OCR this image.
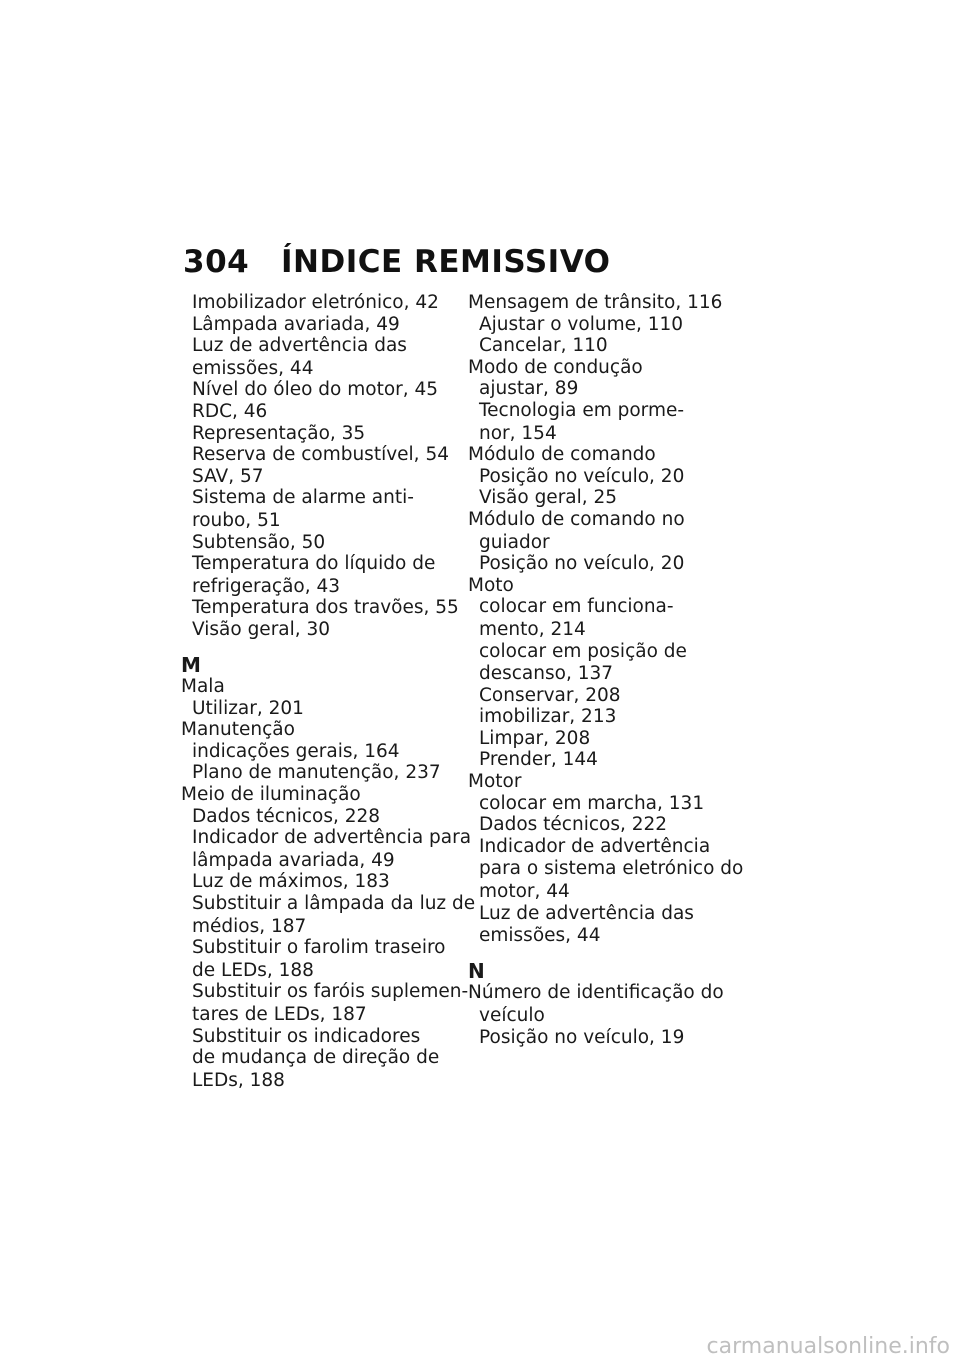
304 ÍNDICE REMISSIVO
Imobilizador eletrónico, 42
Lâmpada avariada, 49
Luz de advertência das
emissões, 44
Nível do óleo do motor, 45
RDC, 46
Representação, 35
Reserva de combustível, 54
SAV, 57
Sistema de alarme anti-
roubo, 51
Subtensão, 50
Temperatura do líquido de
refrigeração, 43
Temperatura dos travões, 55
Visão geral, 30
M
Mala
Utilizar, 201
Manutenção
indicações gerais, 164
Plano de manutenção, 237
Meio de iluminação
Dados técnicos, 228
Indicador de advertência para
lâmpada avariada, 49
Luz de máximos, 183
Substituir a lâmpada da luz de
médios, 187
Substituir o farolim traseiro
de LEDs, 188
Substituir os faróis suplemen-
tares de LEDs, 187
Substituir os indicadores
de mudança de direção de
LEDs, 188
Mensagem de trânsito, 116
Ajustar o volume, 110
Cancelar, 110
Modo de condução
ajustar, 89
Tecnologia em porme-
nor, 154
Módulo de comando
Posição no veículo, 20
Visão geral, 25
Módulo de comando no
guiador
Posição no veículo, 20
Moto
colocar em funciona-
mento, 214
colocar em posição de
descanso, 137
Conservar, 208
imobilizar, 213
Limpar, 208
Prender, 144
Motor
colocar em marcha, 131
Dados técnicos, 222
Indicador de advertência
para o sistema eletrónico do
motor, 44
Luz de advertência das
emissões, 44
N
Número de identificação do
veículo
Posição no veículo, 19
carmanualsonline.info
